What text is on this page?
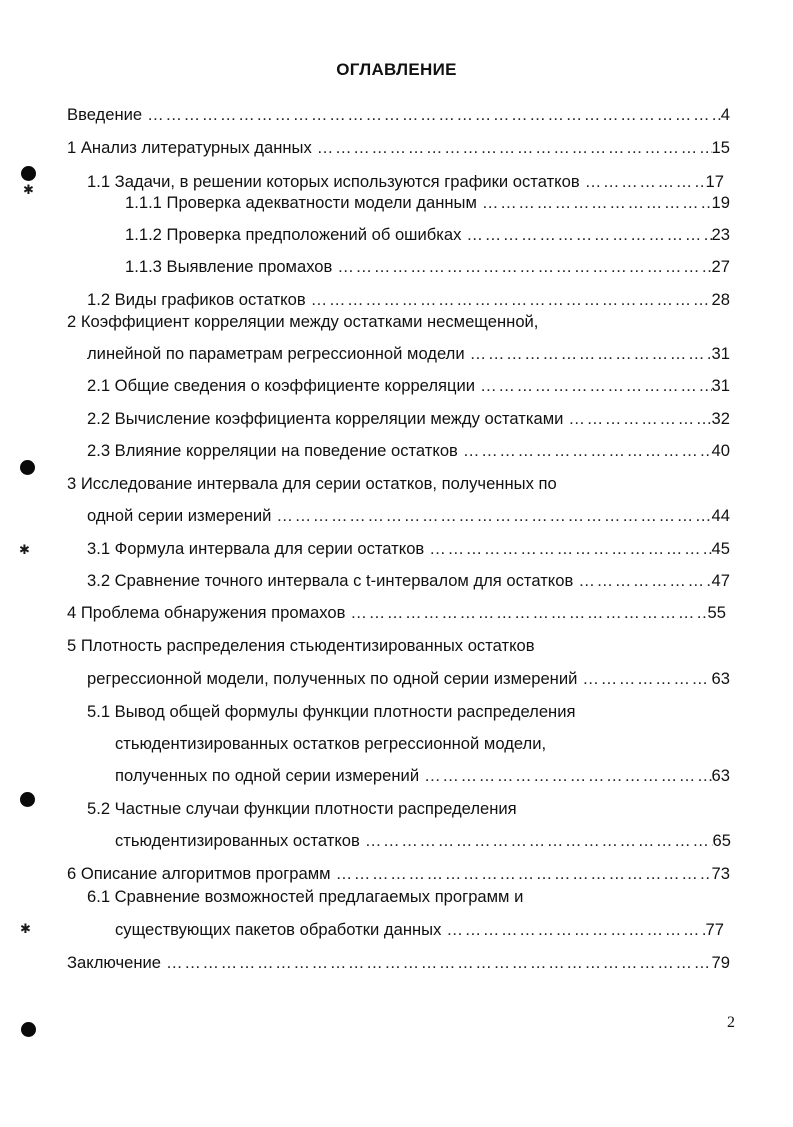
ОГЛАВЛЕНИЕ
Введение ……………………………………………………………………………………………………………………………………………………………………………………………………………………	4
1 Анализ литературных данных ……………………………………………………………………………………………………………………………………………………………………………………………………………………	15
1.1 Задачи, в решении которых используются графики остатков ……………………………………………………………………………………………………………………………………………………………………………………………………………………	17
1.1.1 Проверка адекватности модели данным ……………………………………………………………………………………………………………………………………………………………………………………………………………………	19
1.1.2 Проверка предположений об ошибках ……………………………………………………………………………………………………………………………………………………………………………………………………………………	23
1.1.3 Выявление промахов ……………………………………………………………………………………………………………………………………………………………………………………………………………………	27
1.2 Виды графиков остатков ……………………………………………………………………………………………………………………………………………………………………………………………………………………	28
2 Коэффициент корреляции между остатками несмещенной,
линейной по параметрам регрессионной модели ……………………………………………………………………………………………………………………………………………………………………………………………………………………	31
2.1 Общие сведения о коэффициенте корреляции ……………………………………………………………………………………………………………………………………………………………………………………………………………………	31
2.2 Вычисление коэффициента корреляции между остатками ……………………………………………………………………………………………………………………………………………………………………………………………………………………	32
2.3 Влияние корреляции на поведение остатков ……………………………………………………………………………………………………………………………………………………………………………………………………………………	40
3 Исследование интервала для серии остатков, полученных по
одной серии измерений ……………………………………………………………………………………………………………………………………………………………………………………………………………………	44
3.1 Формула интервала для серии остатков ……………………………………………………………………………………………………………………………………………………………………………………………………………………	45
3.2 Сравнение точного интервала с t-интервалом для остатков ……………………………………………………………………………………………………………………………………………………………………………………………………………………	47
4 Проблема обнаружения промахов ……………………………………………………………………………………………………………………………………………………………………………………………………………………	55
5 Плотность распределения стьюдентизированных остатков
регрессионной модели, полученных по одной серии измерений ……………………………………………………………………………………………………………………………………………………………………………………………………………………	63
5.1 Вывод общей формулы функции плотности распределения
стьюдентизированных остатков регрессионной модели,
полученных по одной серии измерений ……………………………………………………………………………………………………………………………………………………………………………………………………………………	63
5.2 Частные случаи функции плотности распределения
стьюдентизированных остатков ……………………………………………………………………………………………………………………………………………………………………………………………………………………	65
6 Описание алгоритмов программ ……………………………………………………………………………………………………………………………………………………………………………………………………………………	73
6.1 Сравнение возможностей предлагаемых программ и
существующих пакетов обработки данных ……………………………………………………………………………………………………………………………………………………………………………………………………………………	77
Заключение ……………………………………………………………………………………………………………………………………………………………………………………………………………………	79
✱
✱
✱
2
